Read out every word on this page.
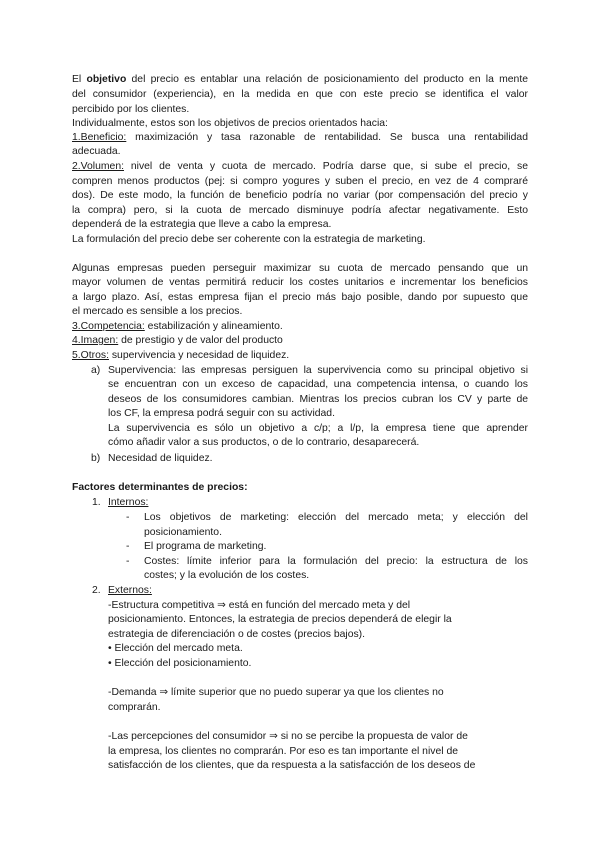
El objetivo del precio es entablar una relación de posicionamiento del producto en la mente
del consumidor (experiencia), en la medida en que con este precio se identifica el valor
percibido por los clientes.
Individualmente, estos son los objetivos de precios orientados hacia:
1.Beneficio: maximización y tasa razonable de rentabilidad. Se busca una rentabilidad
adecuada.
2.Volumen: nivel de venta y cuota de mercado. Podría darse que, si sube el precio, se
compren menos productos (pej: si compro yogures y suben el precio, en vez de 4 compraré
dos). De este modo, la función de beneficio podría no variar (por compensación del precio y
la compra) pero, si la cuota de mercado disminuye podría afectar negativamente. Esto
dependerá de la estrategia que lleve a cabo la empresa.
La formulación del precio debe ser coherente con la estrategia de marketing.
Algunas empresas pueden perseguir maximizar su cuota de mercado pensando que un
mayor volumen de ventas permitirá reducir los costes unitarios e incrementar los beneficios
a largo plazo. Así, estas empresa fijan el precio más bajo posible, dando por supuesto que
el mercado es sensible a los precios.
3.Competencia: estabilización y alineamiento.
4.Imagen: de prestigio y de valor del producto
5.Otros: supervivencia y necesidad de liquidez.
a) Supervivencia: las empresas persiguen la supervivencia como su principal objetivo si
se encuentran con un exceso de capacidad, una competencia intensa, o cuando los
deseos de los consumidores cambian. Mientras los precios cubran los CV y parte de
los CF, la empresa podrá seguir con su actividad.
La supervivencia es sólo un objetivo a c/p; a l/p, la empresa tiene que aprender
cómo añadir valor a sus productos, o de lo contrario, desaparecerá.
b) Necesidad de liquidez.
Factores determinantes de precios:
1. Internos:
- Los objetivos de marketing: elección del mercado meta; y elección del
posicionamiento.
- El programa de marketing.
- Costes: límite inferior para la formulación del precio: la estructura de los
costes; y la evolución de los costes.
2. Externos:
-Estructura competitiva ⇒ está en función del mercado meta y del
posicionamiento. Entonces, la estrategia de precios dependerá de elegir la
estrategia de diferenciación o de costes (precios bajos).
• Elección del mercado meta.
• Elección del posicionamiento.
-Demanda ⇒ límite superior que no puedo superar ya que los clientes no
comprarán.
-Las percepciones del consumidor ⇒ si no se percibe la propuesta de valor de
la empresa, los clientes no comprarán. Por eso es tan importante el nivel de
satisfacción de los clientes, que da respuesta a la satisfacción de los deseos de
